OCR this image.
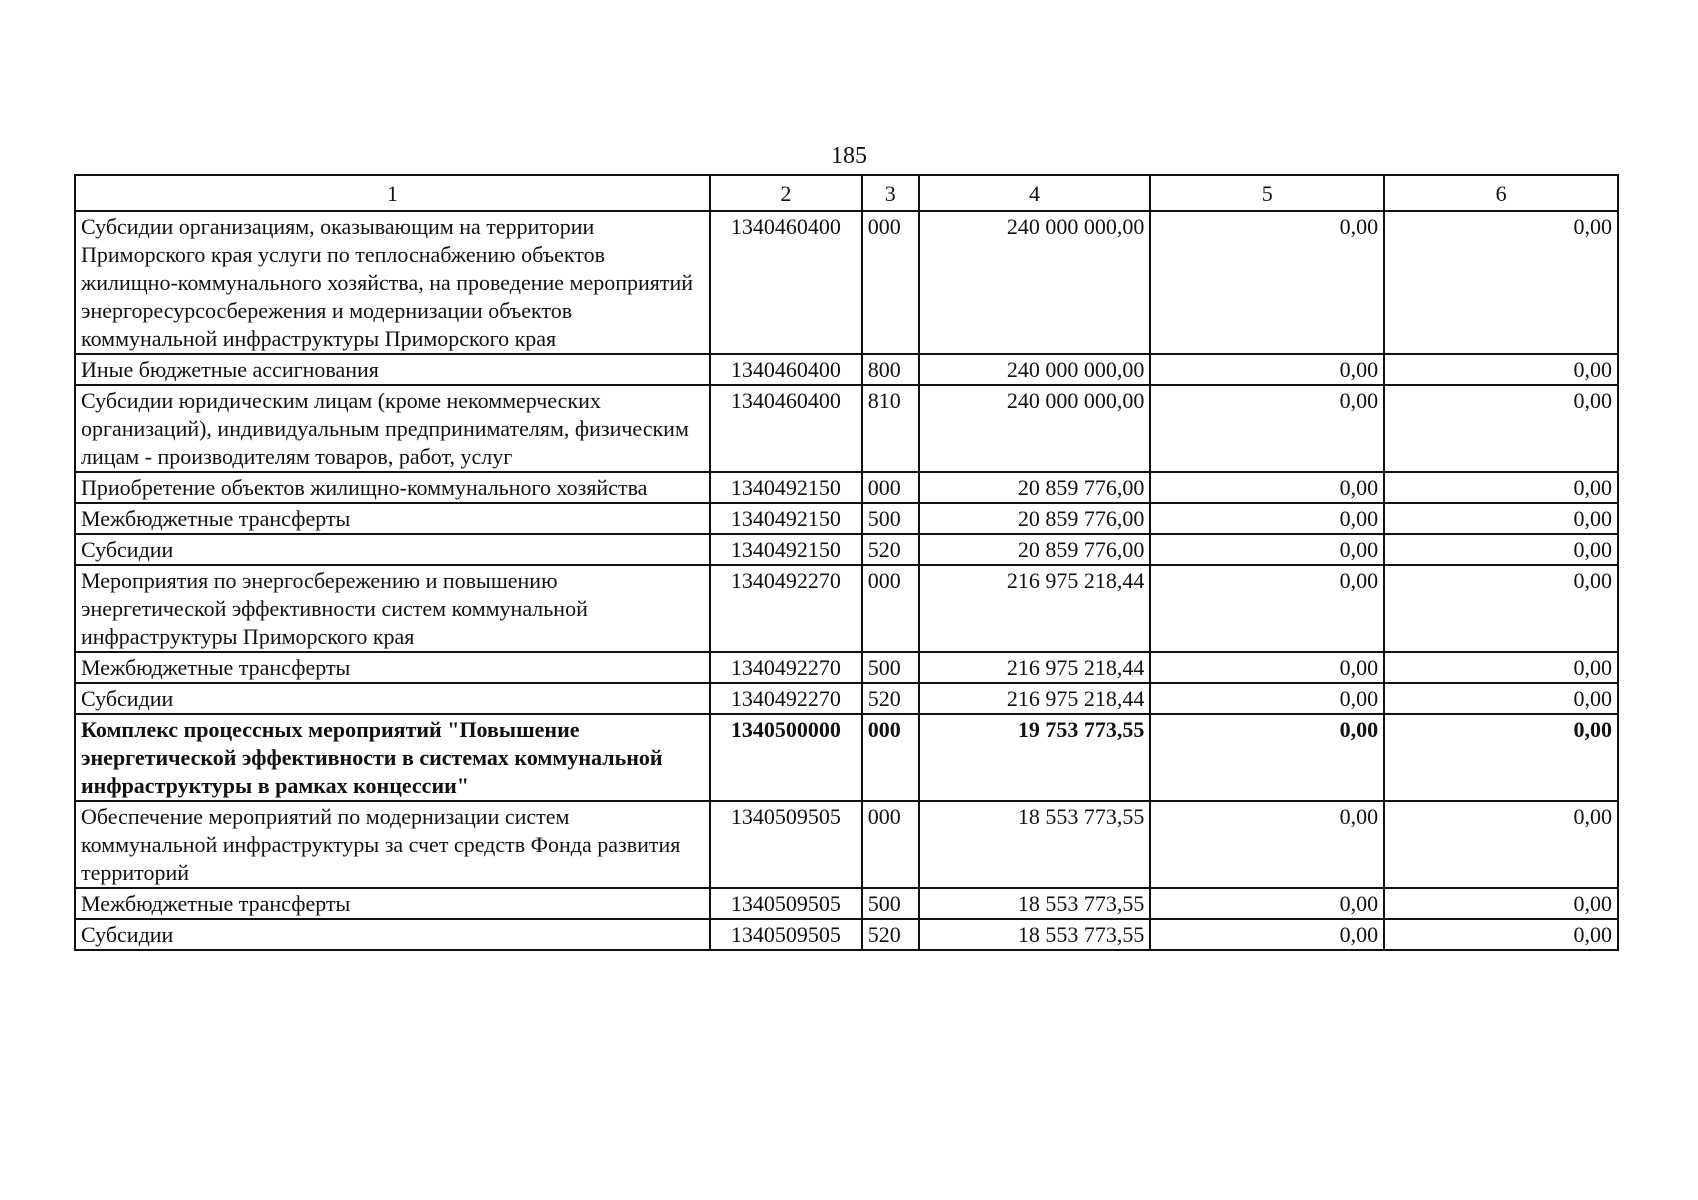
185
1	2	3	4	5	6
Субсидии организациям, оказывающим на территории Приморского края услуги по теплоснабжению объектов жилищно-коммунального хозяйства, на проведение мероприятий энергоресурсосбережения и модернизации объектов коммунальной инфраструктуры Приморского края	1340460400	000	240 000 000,00	0,00	0,00
Иные бюджетные ассигнования	1340460400	800	240 000 000,00	0,00	0,00
Субсидии юридическим лицам (кроме некоммерческих организаций), индивидуальным предпринимателям, физическим лицам - производителям товаров, работ, услуг	1340460400	810	240 000 000,00	0,00	0,00
Приобретение объектов жилищно-коммунального хозяйства	1340492150	000	20 859 776,00	0,00	0,00
Межбюджетные трансферты	1340492150	500	20 859 776,00	0,00	0,00
Субсидии	1340492150	520	20 859 776,00	0,00	0,00
Мероприятия по энергосбережению и повышению энергетической эффективности систем коммунальной инфраструктуры Приморского края	1340492270	000	216 975 218,44	0,00	0,00
Межбюджетные трансферты	1340492270	500	216 975 218,44	0,00	0,00
Субсидии	1340492270	520	216 975 218,44	0,00	0,00
Комплекс процессных мероприятий "Повышение энергетической эффективности в системах коммунальной инфраструктуры в рамках концессии"	1340500000	000	19 753 773,55	0,00	0,00
Обеспечение мероприятий по модернизации систем коммунальной инфраструктуры за счет средств Фонда развития территорий	1340509505	000	18 553 773,55	0,00	0,00
Межбюджетные трансферты	1340509505	500	18 553 773,55	0,00	0,00
Субсидии	1340509505	520	18 553 773,55	0,00	0,00
